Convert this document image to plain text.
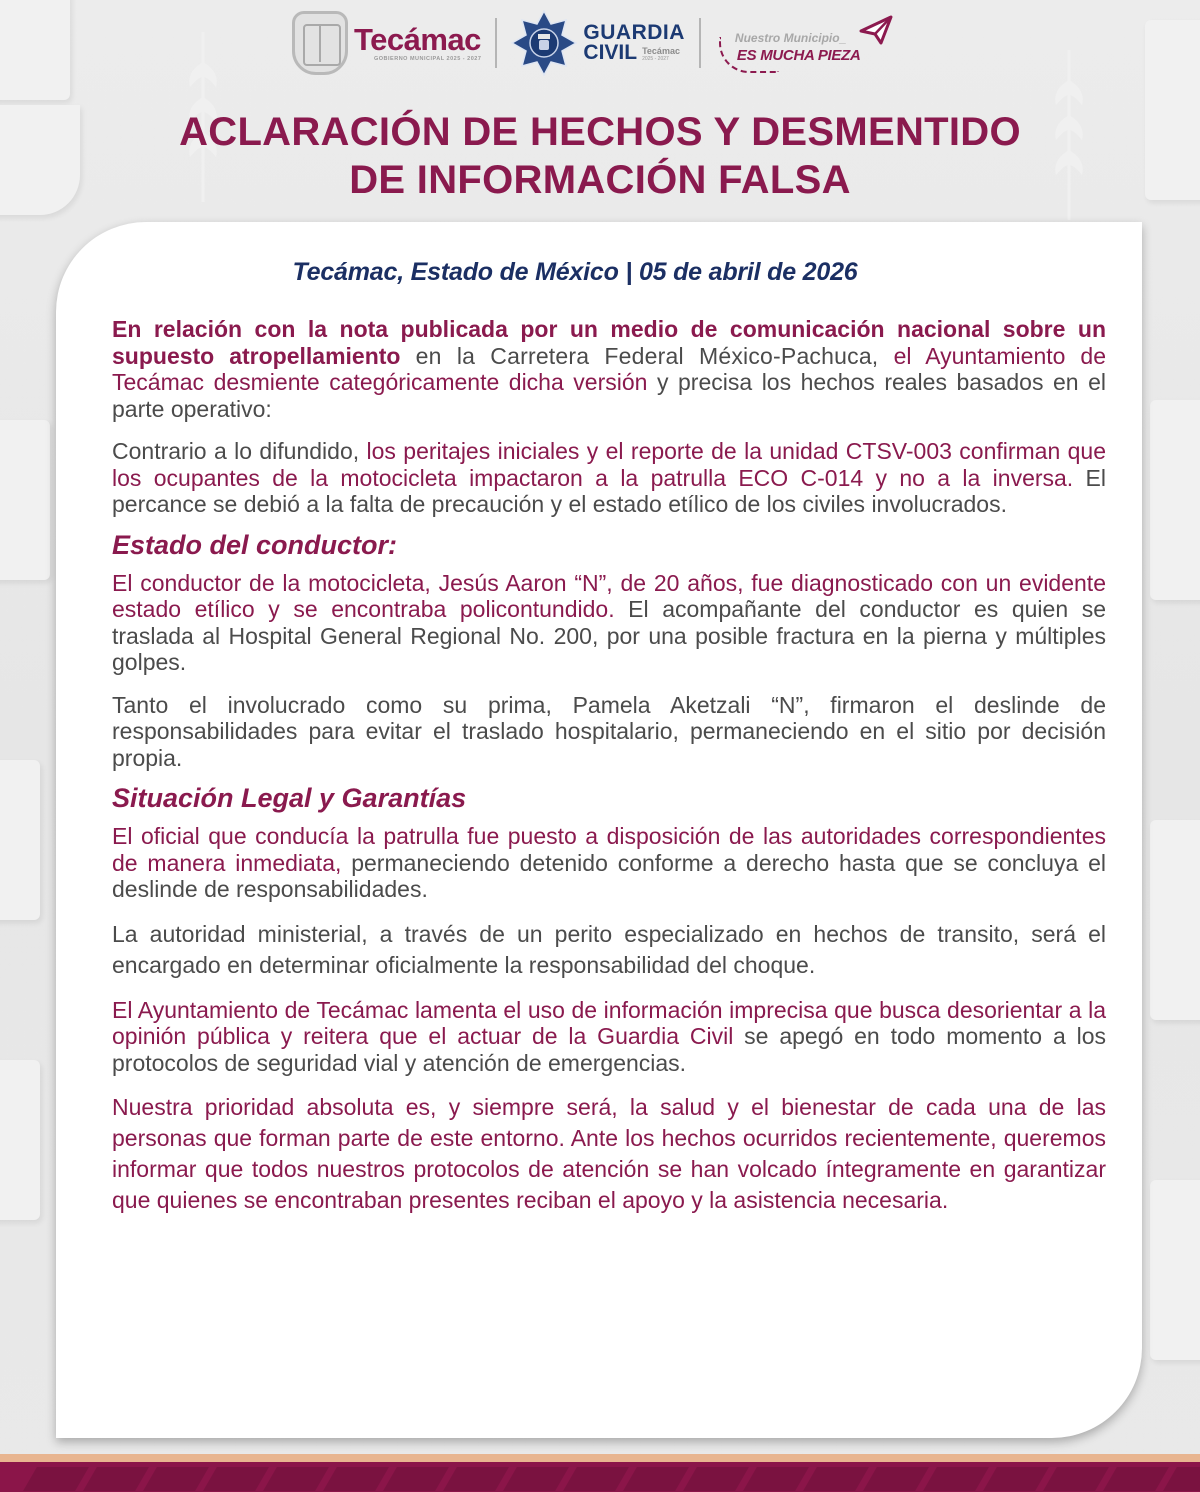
Tecámac
GOBIERNO MUNICIPAL 2025 - 2027
GUARDIA
CIVIL Tecámac
2025 - 2027
Nuestro Municipio_
ES MUCHA PIEZA
ACLARACIÓN DE HECHOS Y DESMENTIDO
DE INFORMACIÓN FALSA
Tecámac, Estado de México | 05 de abril de 2026

En relación con la nota publicada por un medio de comunicación nacional sobre un supuesto atropellamiento en la Carretera Federal México-Pachuca, el Ayuntamiento de Tecámac desmiente categóricamente dicha versión y precisa los hechos reales basados en el parte operativo:

Contrario a lo difundido, los peritajes iniciales y el reporte de la unidad CTSV-003 confirman que los ocupantes de la motocicleta impactaron a la patrulla ECO C-014 y no a la inversa. El percance se debió a la falta de precaución y el estado etílico de los civiles involucrados.

Estado del conductor:

El conductor de la motocicleta, Jesús Aaron “N”, de 20 años, fue diagnosticado con un evidente estado etílico y se encontraba policontundido. El acompañante del conductor es quien se traslada al Hospital General Regional No. 200, por una posible fractura en la pierna y múltiples golpes.

Tanto el involucrado como su prima, Pamela Aketzali “N”, firmaron el deslinde de responsabilidades para evitar el traslado hospitalario, permaneciendo en el sitio por decisión propia.

Situación Legal y Garantías

El oficial que conducía la patrulla fue puesto a disposición de las autoridades correspondientes de manera inmediata, permaneciendo detenido conforme a derecho hasta que se concluya el deslinde de responsabilidades.

La autoridad ministerial, a través de un perito especializado en hechos de transito, será el encargado en determinar oficialmente la responsabilidad del choque.

El Ayuntamiento de Tecámac lamenta el uso de información imprecisa que busca desorientar a la opinión pública y reitera que el actuar de la Guardia Civil se apegó en todo momento a los protocolos de seguridad vial y atención de emergencias.

Nuestra prioridad absoluta es, y siempre será, la salud y el bienestar de cada una de las personas que forman parte de este entorno. Ante los hechos ocurridos recientemente, queremos informar que todos nuestros protocolos de atención se han volcado íntegramente en garantizar que quienes se encontraban presentes reciban el apoyo y la asistencia necesaria.
